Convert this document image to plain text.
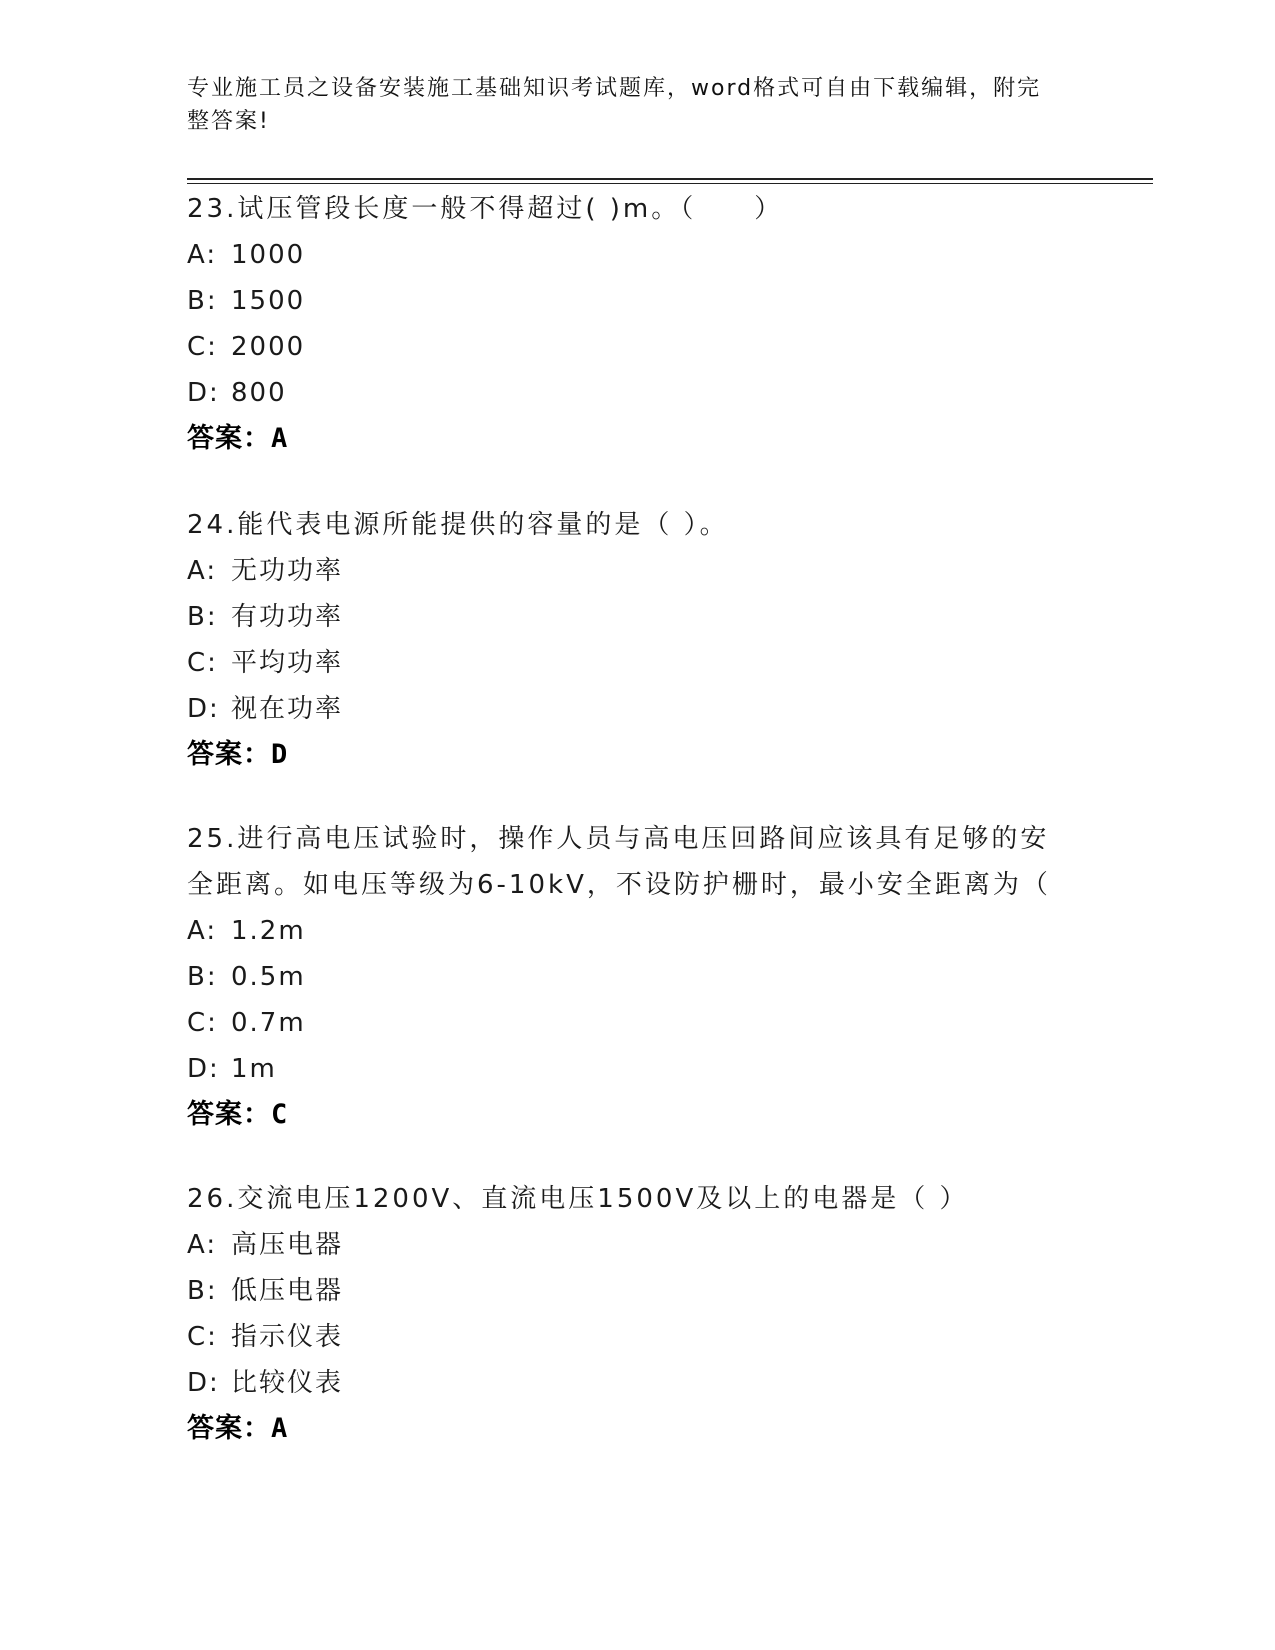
专业施工员之设备安装施工基础知识考试题库，word格式可自由下载编辑，附完
整答案!
23.试压管段长度一般不得超过( )m。（　　）
A: 1000
B: 1500
C: 2000
D: 800
答案：A
24.能代表电源所能提供的容量的是（ ）。
A: 无功功率
B: 有功功率
C: 平均功率
D: 视在功率
答案：D
25.进行高电压试验时，操作人员与高电压回路间应该具有足够的安全距离。如电压等级为6-10kV，不设防护栅时，最小安全距离为（
A: 1.2m
B: 0.5m
C: 0.7m
D: 1m
答案：C
26.交流电压1200V、直流电压1500V及以上的电器是（ ）
A: 高压电器
B: 低压电器
C: 指示仪表
D: 比较仪表
答案：A
